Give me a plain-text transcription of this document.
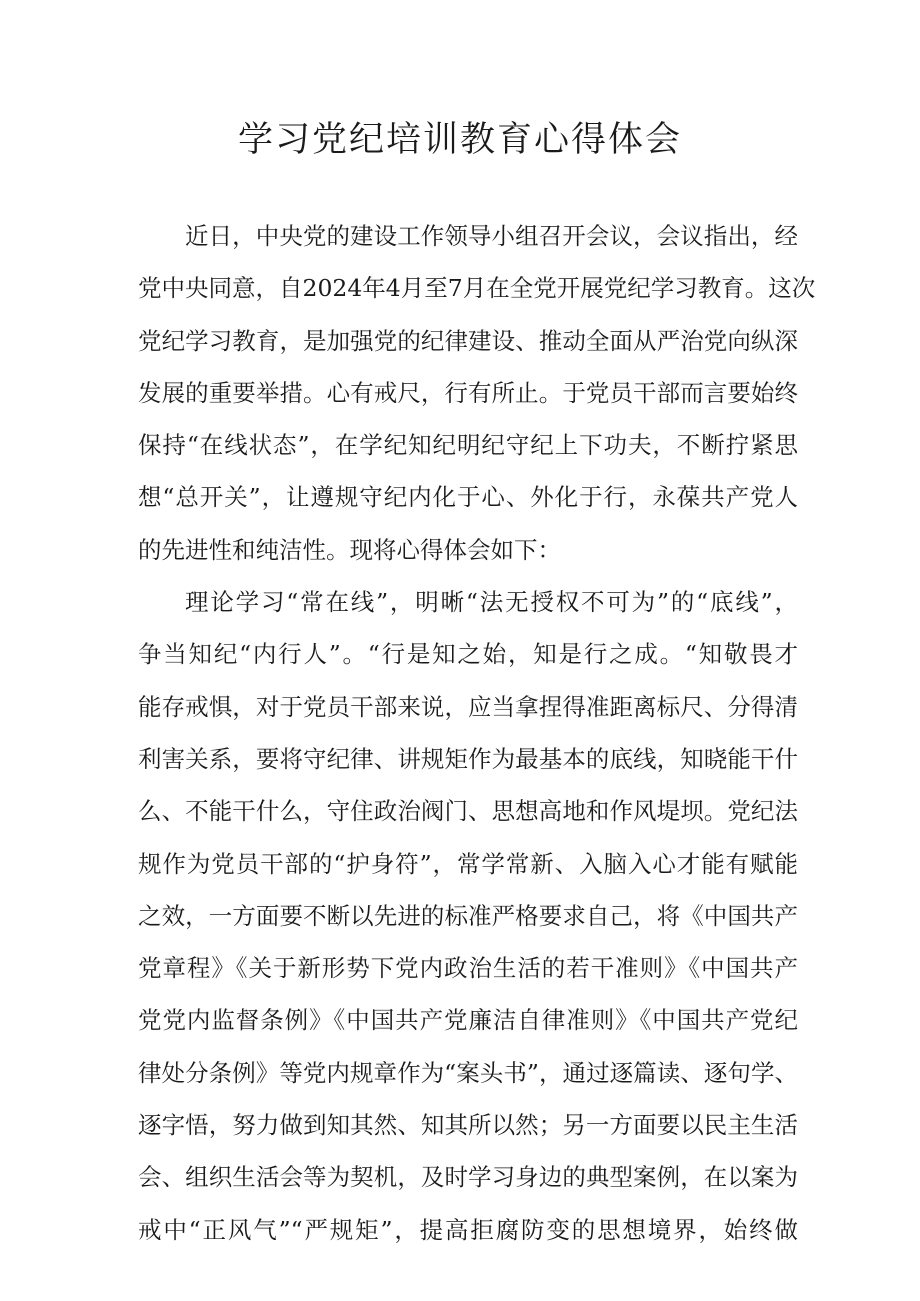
学习党纪培训教育心得体会
近日，中央党的建设工作领导小组召开会议，会议指出，经
党中央同意，自2024年4月至7月在全党开展党纪学习教育。这次
党纪学习教育，是加强党的纪律建设、推动全面从严治党向纵深
发展的重要举措。心有戒尺，行有所止。于党员干部而言要始终
保持“在线状态”，在学纪知纪明纪守纪上下功夫，不断拧紧思
想“总开关”，让遵规守纪内化于心、外化于行，永葆共产党人
的先进性和纯洁性。现将心得体会如下：
理论学习“常在线”，明晰“法无授权不可为”的“底线”，
争当知纪“内行人”。“行是知之始，知是行之成。“知敬畏才
能存戒惧，对于党员干部来说，应当拿捏得准距离标尺、分得清
利害关系，要将守纪律、讲规矩作为最基本的底线，知晓能干什
么、不能干什么，守住政治阀门、思想高地和作风堤坝。党纪法
规作为党员干部的“护身符”，常学常新、入脑入心才能有赋能
之效，一方面要不断以先进的标准严格要求自己，将《中国共产
党章程》《关于新形势下党内政治生活的若干准则》《中国共产
党党内监督条例》《中国共产党廉洁自律准则》《中国共产党纪
律处分条例》等党内规章作为“案头书”，通过逐篇读、逐句学、
逐字悟，努力做到知其然、知其所以然；另一方面要以民主生活
会、组织生活会等为契机，及时学习身边的典型案例，在以案为
戒中“正风气”“严规矩”，提高拒腐防变的思想境界，始终做
